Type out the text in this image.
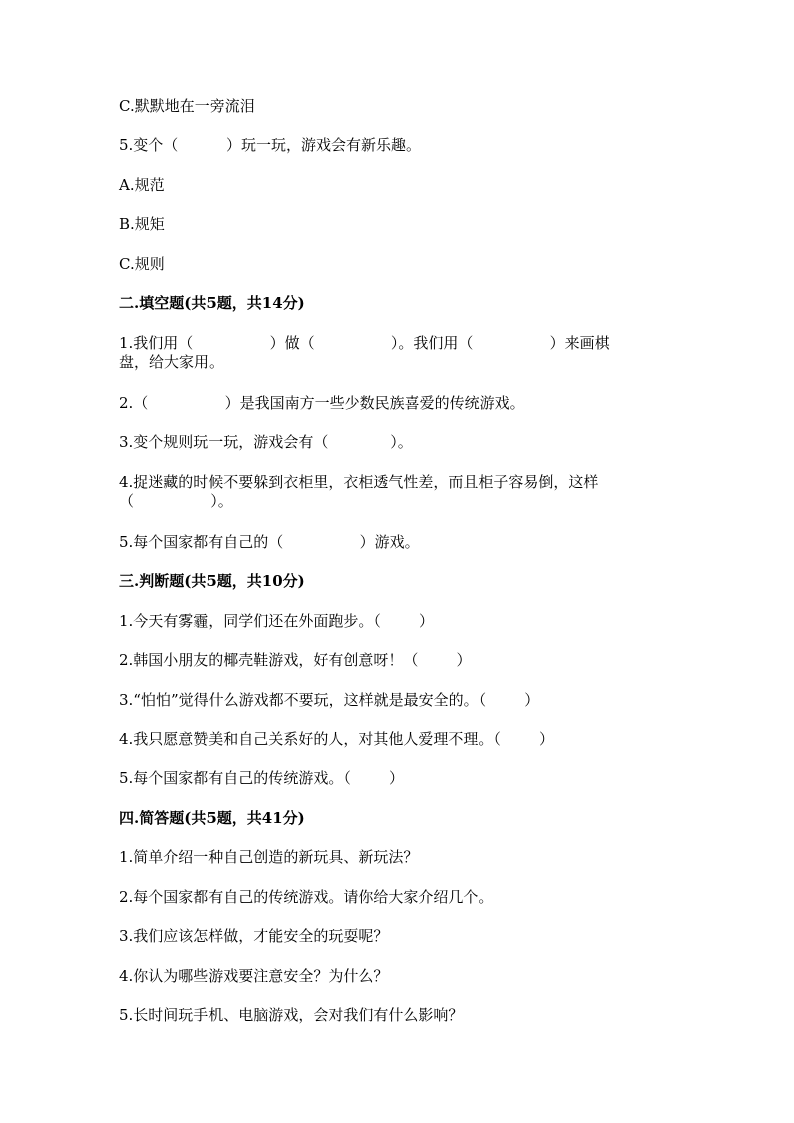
C.默默地在一旁流泪

5.变个（          ）玩一玩，游戏会有新乐趣。

A.规范

B.规矩

C.规则

二.填空题(共5题，共14分)

1.我们用（                ）做（                ）。我们用（                ）来画棋

盘，给大家用。

2.（                ）是我国南方一些少数民族喜爱的传统游戏。

3.变个规则玩一玩，游戏会有（             ）。

4.捉迷藏的时候不要躲到衣柜里，衣柜透气性差，而且柜子容易倒，这样

（                ）。

5.每个国家都有自己的（                ）游戏。

三.判断题(共5题，共10分)

1.今天有雾霾，同学们还在外面跑步。（        ）

2.韩国小朋友的椰壳鞋游戏，好有创意呀！（        ）

3.“怕怕”觉得什么游戏都不要玩，这样就是最安全的。（        ）

4.我只愿意赞美和自己关系好的人，对其他人爱理不理。（        ）

5.每个国家都有自己的传统游戏。（        ）

四.简答题(共5题，共41分)

1.简单介绍一种自己创造的新玩具、新玩法？

2.每个国家都有自己的传统游戏。请你给大家介绍几个。

3.我们应该怎样做，才能安全的玩耍呢？

4.你认为哪些游戏要注意安全？为什么？

5.长时间玩手机、电脑游戏，会对我们有什么影响？
